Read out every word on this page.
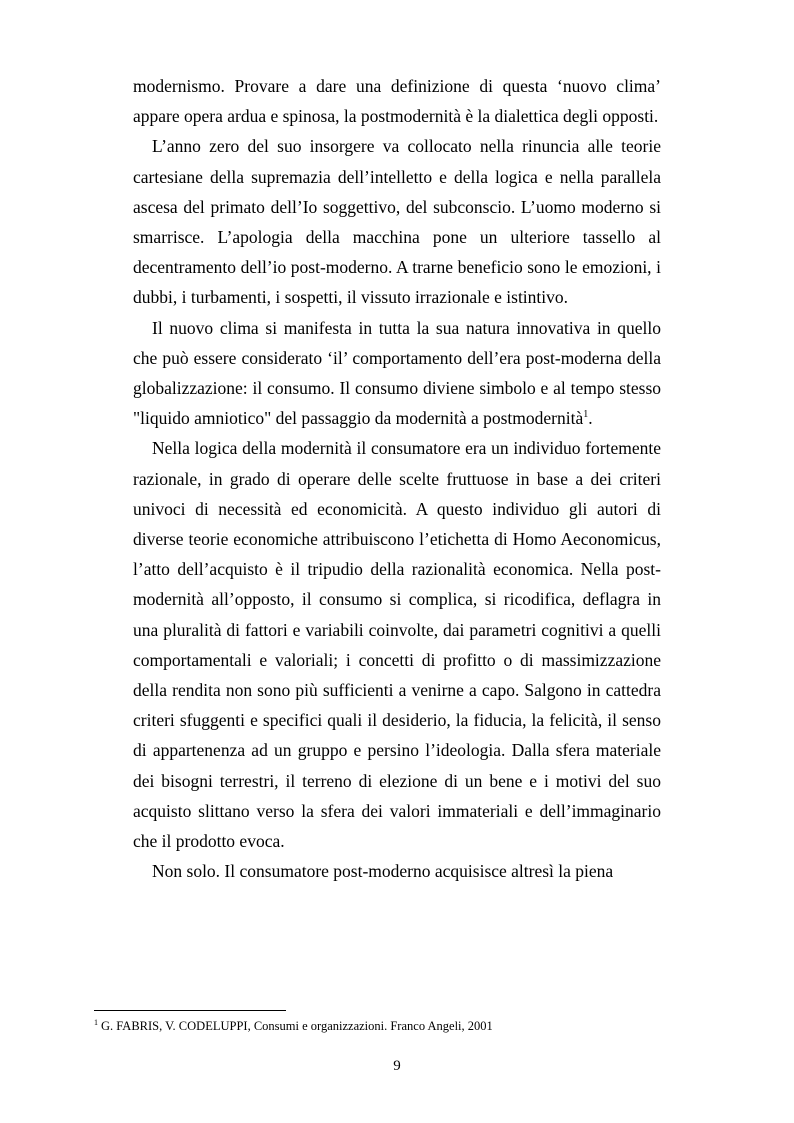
modernismo. Provare a dare una definizione di questa ‘nuovo clima’ appare opera ardua e spinosa, la postmodernità è la dialettica degli opposti.

L’anno zero del suo insorgere va collocato nella rinuncia alle teorie cartesiane della supremazia dell’intelletto e della logica e nella parallela ascesa del primato dell’Io soggettivo, del subconscio. L’uomo moderno si smarrisce. L’apologia della macchina pone un ulteriore tassello al decentramento dell’io post-moderno. A trarne beneficio sono le emozioni, i dubbi, i turbamenti, i sospetti, il vissuto irrazionale e istintivo.

Il nuovo clima si manifesta in tutta la sua natura innovativa in quello che può essere considerato ‘il’ comportamento dell’era post-moderna della globalizzazione: il consumo. Il consumo diviene simbolo e al tempo stesso "liquido amniotico" del passaggio da modernità a postmodernità$^1$.

Nella logica della modernità il consumatore era un individuo fortemente razionale, in grado di operare delle scelte fruttuose in base a dei criteri univoci di necessità ed economicità. A questo individuo gli autori di diverse teorie economiche attribuiscono l’etichetta di Homo Aeconomicus, l’atto dell’acquisto è il tripudio della razionalità economica. Nella post-modernità all’opposto, il consumo si complica, si ricodifica, deflagra in una pluralità di fattori e variabili coinvolte, dai parametri cognitivi a quelli comportamentali e valoriali; i concetti di profitto o di massimizzazione della rendita non sono più sufficienti a venirne a capo. Salgono in cattedra criteri sfuggenti e specifici quali il desiderio, la fiducia, la felicità, il senso di appartenenza ad un gruppo e persino l’ideologia. Dalla sfera materiale dei bisogni terrestri, il terreno di elezione di un bene e i motivi del suo acquisto slittano verso la sfera dei valori immateriali e dell’immaginario che il prodotto evoca.

Non solo. Il consumatore post-moderno acquisisce altresì la piena

$^1$ G. FABRIS, V. CODELUPPI, Consumi e organizzazioni. Franco Angeli, 2001
9
